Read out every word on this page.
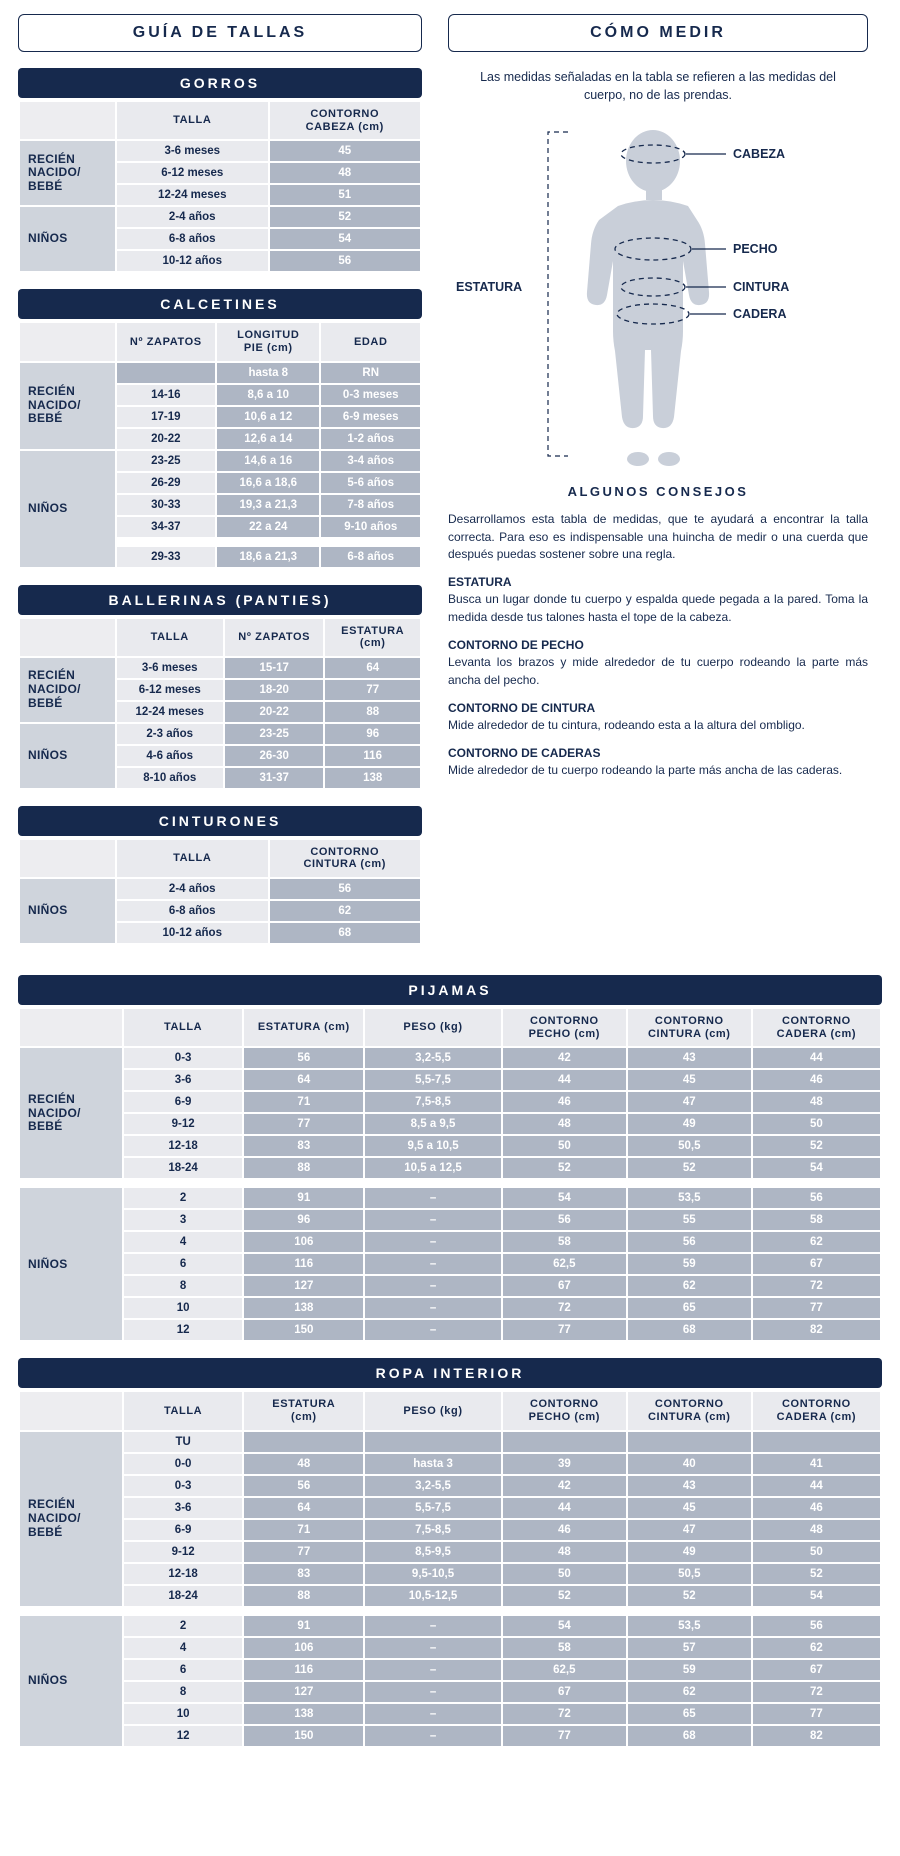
GUÍA DE TALLAS
GORROS
	TALLA	CONTORNO
CABEZA (cm)
RECIÉN
NACIDO/
BEBÉ	3-6 meses	45
	6-12 meses	48
	12-24 meses	51
NIÑOS	2-4 años	52
	6-8 años	54
	10-12 años	56
CALCETINES
	Nº ZAPATOS	LONGITUD
PIE (cm)	EDAD
RECIÉN
NACIDO/
BEBÉ		hasta 8	RN
	14-16	8,6 a 10	0-3 meses
	17-19	10,6 a 12	6-9 meses
	20-22	12,6 a 14	1-2 años
NIÑOS	23-25	14,6 a 16	3-4 años
	26-29	16,6 a 18,6	5-6 años
	30-33	19,3 a 21,3	7-8 años
	34-37	22 a 24	9-10 años

	29-33	18,6 a 21,3	6-8 años
BALLERINAS (PANTIES)
	TALLA	Nº ZAPATOS	ESTATURA
(cm)
RECIÉN
NACIDO/
BEBÉ	3-6 meses	15-17	64
	6-12 meses	18-20	77
	12-24 meses	20-22	88
NIÑOS	2-3 años	23-25	96
	4-6 años	26-30	116
	8-10 años	31-37	138
CINTURONES
	TALLA	CONTORNO
CINTURA (cm)
NIÑOS	2-4 años	56
	6-8 años	62
	10-12 años	68
CÓMO MEDIR
Las medidas señaladas en la tabla se refieren a las medidas del cuerpo, no de las prendas.
CABEZA
PECHO
CINTURA
CADERA
ESTATURA
ALGUNOS CONSEJOS
Desarrollamos esta tabla de medidas, que te ayudará a encontrar la talla correcta. Para eso es indispensable una huincha de medir o una cuerda que después puedas sostener sobre una regla.
ESTATURA
Busca un lugar donde tu cuerpo y espalda quede pegada a la pared. Toma la medida desde tus talones hasta el tope de la cabeza.
CONTORNO DE PECHO
Levanta los brazos y mide alrededor de tu cuerpo rodeando la parte más ancha del pecho.
CONTORNO DE CINTURA
Mide alrededor de tu cintura, rodeando esta a la altura del ombligo.
CONTORNO DE CADERAS
Mide alrededor de tu cuerpo rodeando la parte más ancha de las caderas.
PIJAMAS
	TALLA	ESTATURA (cm)	PESO (kg)	CONTORNO
PECHO (cm)	CONTORNO
CINTURA (cm)	CONTORNO
CADERA (cm)
RECIÉN
NACIDO/
BEBÉ	0-3	56	3,2-5,5	42	43	44
	3-6	64	5,5-7,5	44	45	46
	6-9	71	7,5-8,5	46	47	48
	9-12	77	8,5 a 9,5	48	49	50
	12-18	83	9,5 a 10,5	50	50,5	52
	18-24	88	10,5 a 12,5	52	52	54

NIÑOS	2	91	–	54	53,5	56
	3	96	–	56	55	58
	4	106	–	58	56	62
	6	116	–	62,5	59	67
	8	127	–	67	62	72
	10	138	–	72	65	77
	12	150	–	77	68	82
ROPA INTERIOR
	TALLA	ESTATURA
(cm)	PESO (kg)	CONTORNO
PECHO (cm)	CONTORNO
CINTURA (cm)	CONTORNO
CADERA (cm)
RECIÉN
NACIDO/
BEBÉ	TU					
	0-0	48	hasta 3	39	40	41
	0-3	56	3,2-5,5	42	43	44
	3-6	64	5,5-7,5	44	45	46
	6-9	71	7,5-8,5	46	47	48
	9-12	77	8,5-9,5	48	49	50
	12-18	83	9,5-10,5	50	50,5	52
	18-24	88	10,5-12,5	52	52	54

NIÑOS	2	91	–	54	53,5	56
	4	106	–	58	57	62
	6	116	–	62,5	59	67
	8	127	–	67	62	72
	10	138	–	72	65	77
	12	150	–	77	68	82
